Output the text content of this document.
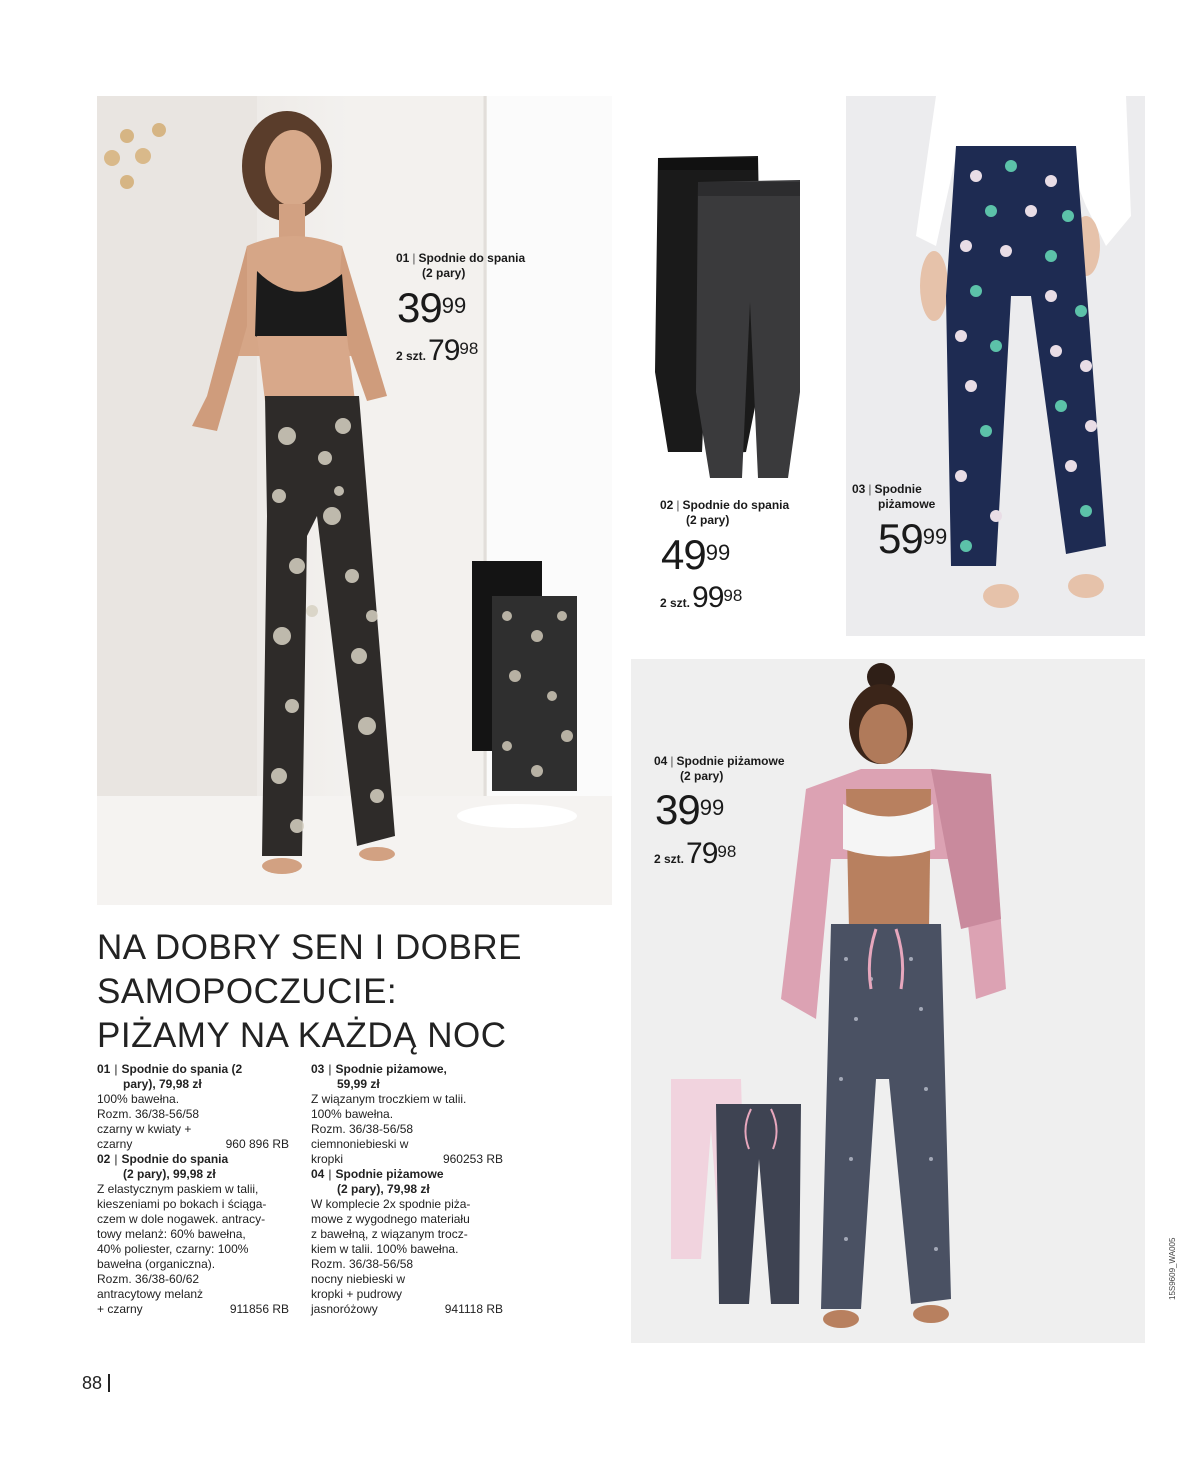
01 | Spodnie do spania
(2 pary)
$39^{99}$
2 $szt.79^{98}$
02 | Spodnie do spania
(2 pary)
$49^{99}$
2 $szt.99^{98}$
03 | Spodnie
piżamowe
$59^{99}$
04 | Spodnie piżamowe
(2 pary)
$39^{99}$
2 $szt.79^{98}$
NA DOBRY SEN I DOBRE
SAMOPOCZUCIE:
PIŻAMY NA KAŻDĄ NOC
01 | Spodnie do spania (2
pary), 79,98 zł
100% bawełna.
Rozm. 36/38-56/58
czarny w kwiaty +
czarny	960 896 RB
02 | Spodnie do spania
(2 pary), 99,98 zł
Z elastycznym paskiem w talii,
kieszeniami po bokach i ściąga-
czem w dole nogawek. antracy-
towy melanż: 60% bawełna,
40% poliester, czarny: 100%
bawełna (organiczna).
Rozm. 36/38-60/62
antracytowy melanż
+ czarny	911856 RB
03 | Spodnie piżamowe,
59,99 zł
Z wiązanym troczkiem w talii.
100% bawełna.
Rozm. 36/38-56/58
ciemnoniebieski w
kropki	960253 RB
04 | Spodnie piżamowe
(2 pary), 79,98 zł
W komplecie 2x spodnie piża-
mowe z wygodnego materiału
z bawełną, z wiązanym trocz-
kiem w talii. 100% bawełna.
Rozm. 36/38-56/58
nocny niebieski w
kropki + pudrowy
jasnoróżowy	941118 RB
88
15S9609_WA005
